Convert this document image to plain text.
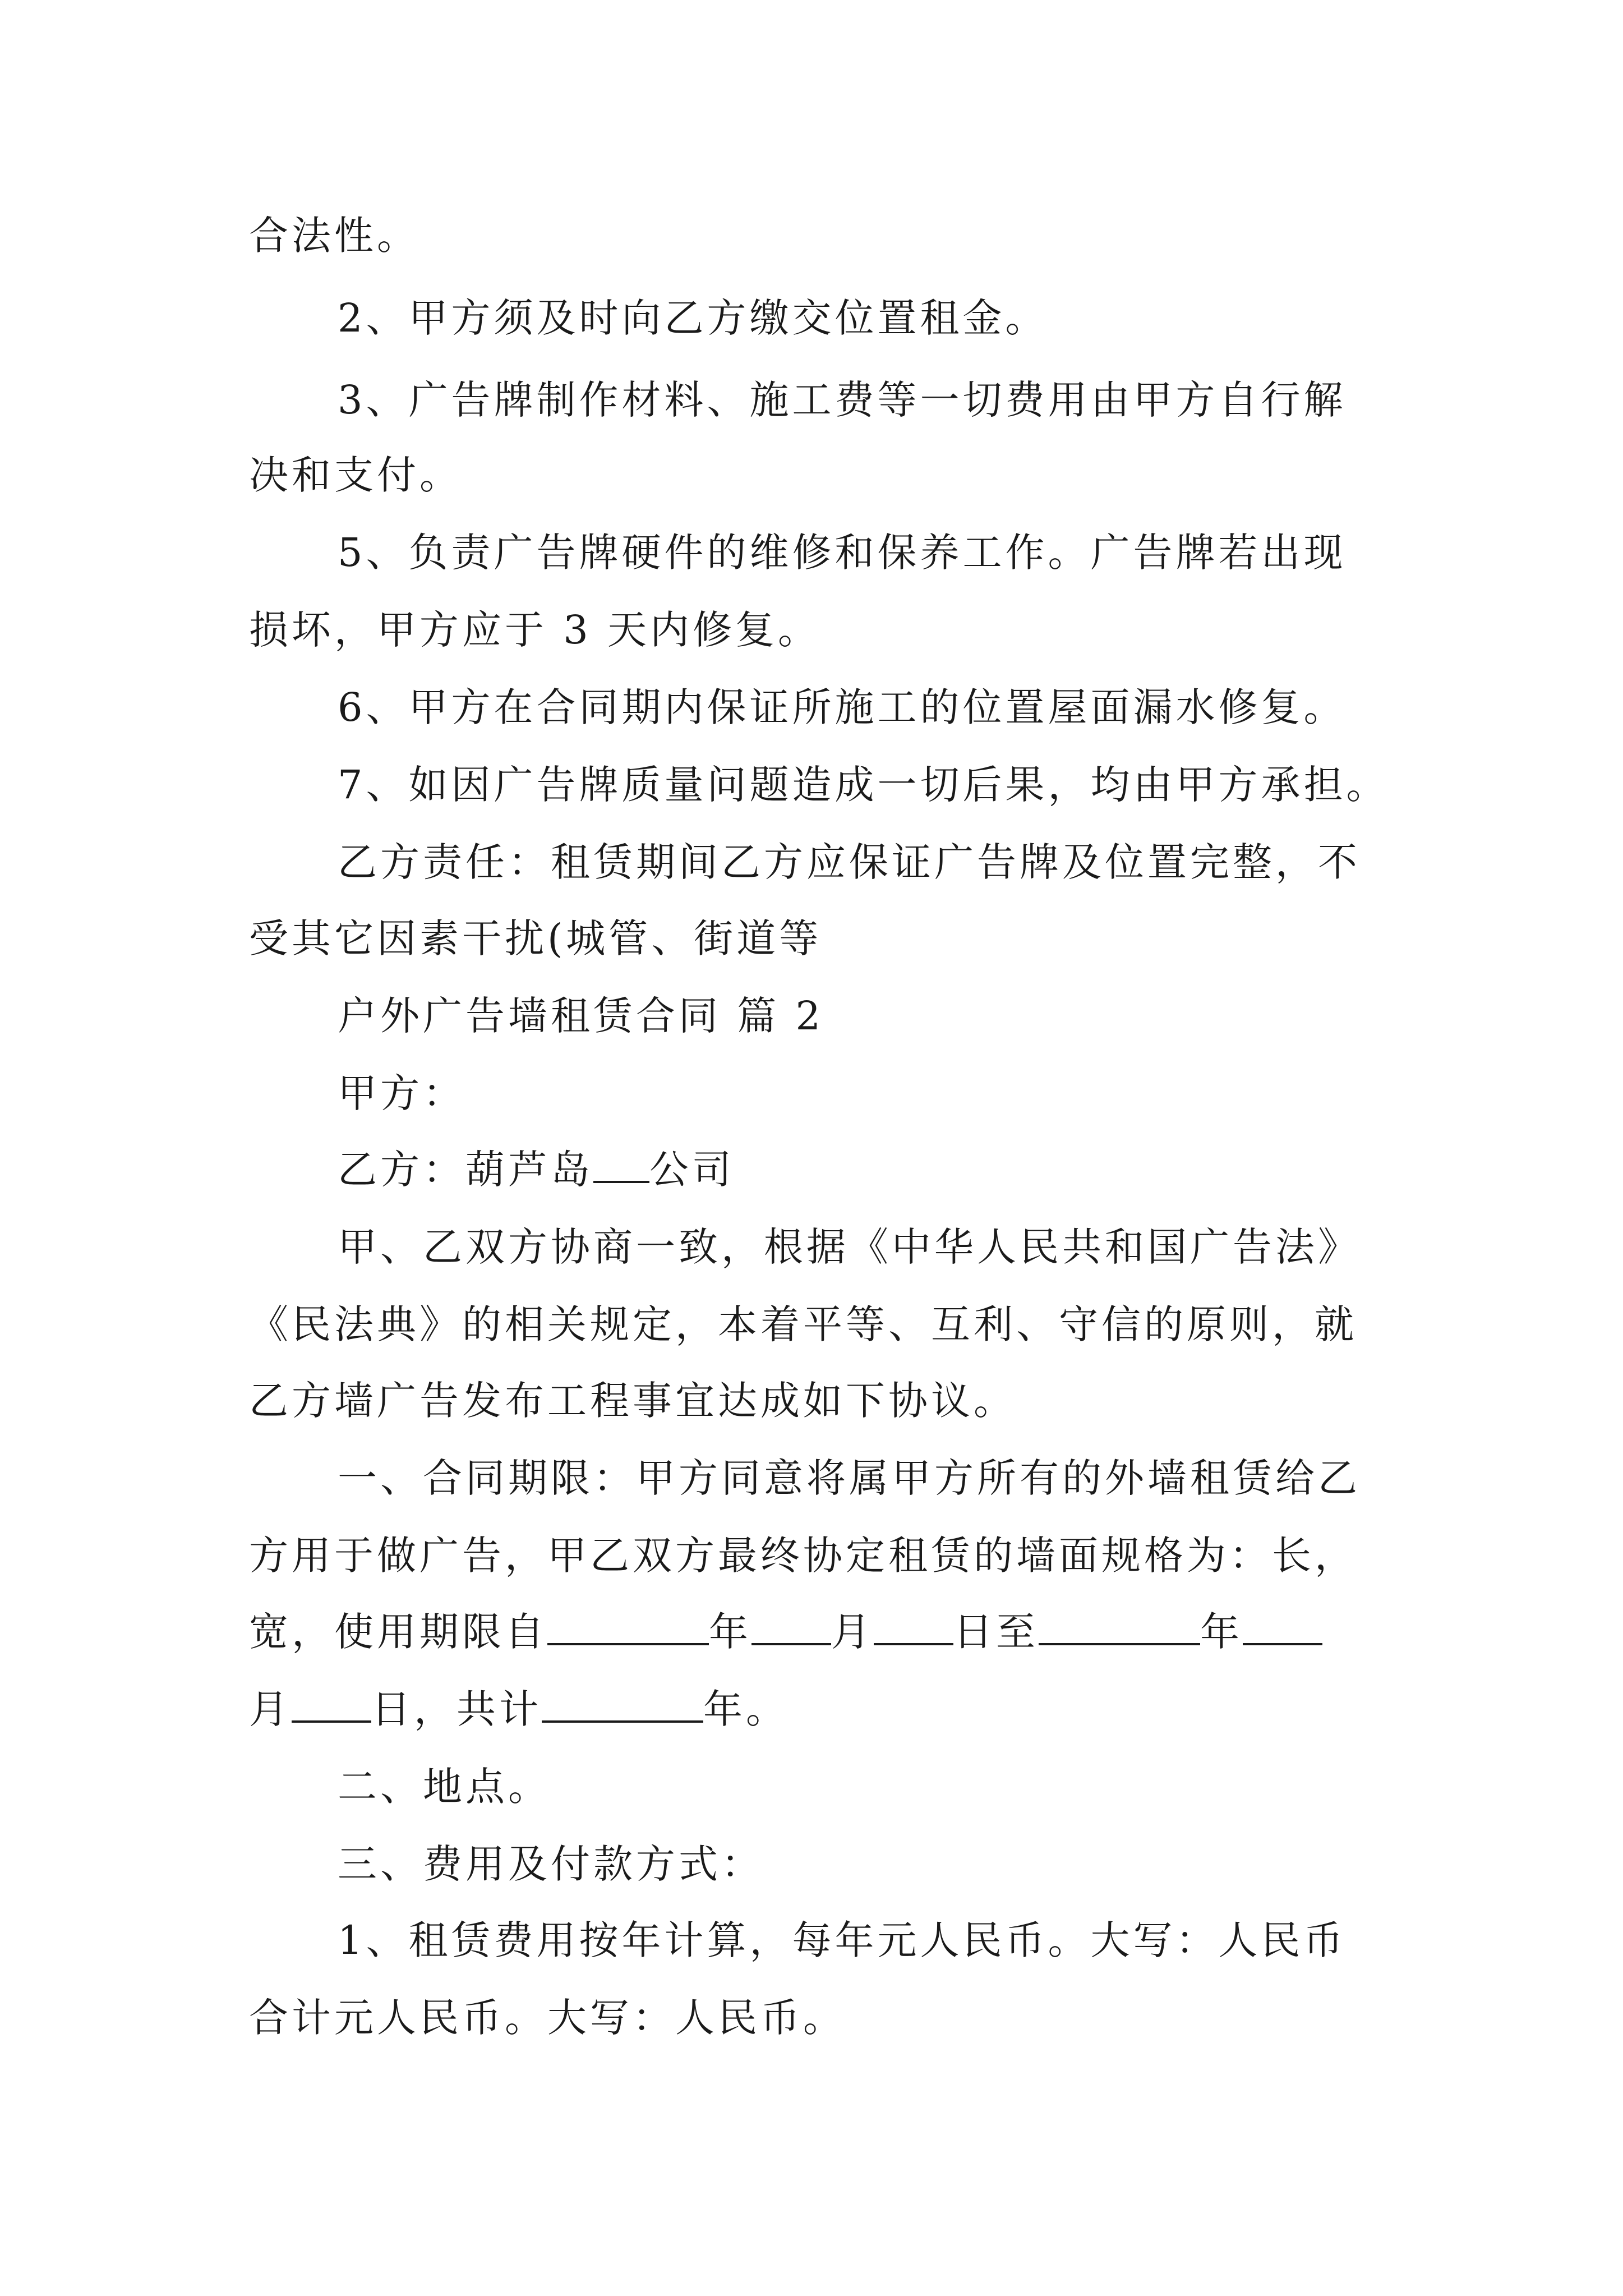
合法性。
2、甲方须及时向乙方缴交位置租金。
3、广告牌制作材料、施工费等一切费用由甲方自行解
决和支付。
5、负责广告牌硬件的维修和保养工作。广告牌若出现
损坏，甲方应于 3 天内修复。
6、甲方在合同期内保证所施工的位置屋面漏水修复。
7、如因广告牌质量问题造成一切后果，均由甲方承担。
乙方责任：租赁期间乙方应保证广告牌及位置完整，不
受其它因素干扰(城管、街道等
户外广告墙租赁合同 篇 2
甲方：
乙方：葫芦岛 公司
甲、乙双方协商一致，根据《中华人民共和国广告法》
《民法典》的相关规定，本着平等、互利、守信的原则，就
乙方墙广告发布工程事宜达成如下协议。
一、合同期限：甲方同意将属甲方所有的外墙租赁给乙
方用于做广告，甲乙双方最终协定租赁的墙面规格为：长，
宽，使用期限自	年 月 日至	年
月 日，共计	年。
二、地点。
三、费用及付款方式：
1、租赁费用按年计算，每年元人民币。大写：人民币
合计元人民币。大写：人民币。
